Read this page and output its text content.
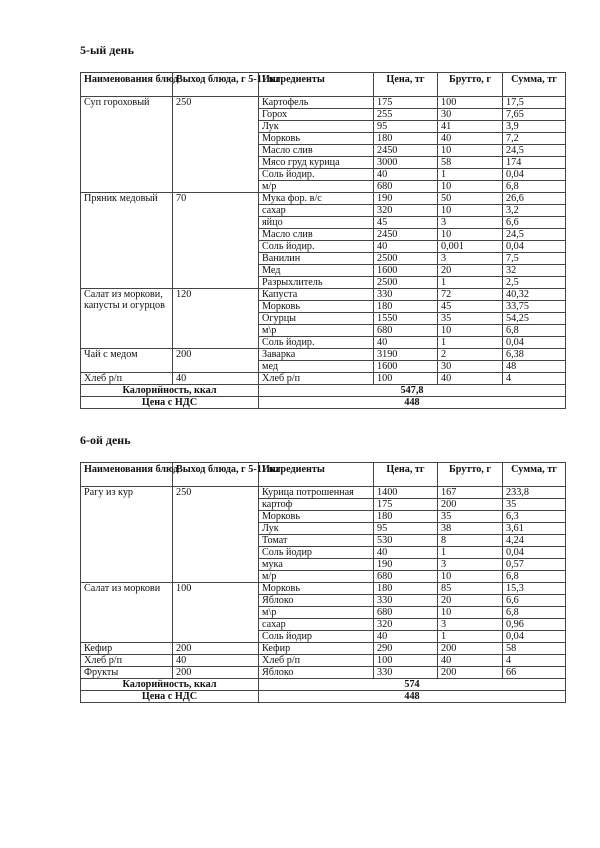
5-ый день
Наименования блюд	Выход блюда, г 5-11 кл	Ингредиенты	Цена, тг	Брутто, г	Сумма, тг
Суп гороховый	250	Картофель	175	100	17,5
		Горох	255	30	7,65
		Лук	95	41	3,9
		Морковь	180	40	7,2
		Масло слив	2450	10	24,5
		Мясо груд курица	3000	58	174
		Соль йодир.	40	1	0,04
		м/р	680	10	6,8
Пряник медовый	70	Мука фор. в/с	190	50	26,6
		сахар	320	10	3,2
		яйцо	45	3	6,6
		Масло слив	2450	10	24,5
		Соль йодир.	40	0,001	0,04
		Ванилин	2500	3	7,5
		Мед	1600	20	32
		Разрыхлитель	2500	1	2,5
Салат из моркови, капусты и огурцов	120	Капуста	330	72	40,32
		Морковь	180	45	33,75
		Огурцы	1550	35	54,25
		м\р	680	10	6,8
		Соль йодир.	40	1	0,04
Чай с медом	200	Заварка	3190	2	6,38
		мед	1600	30	48
Хлеб р/п	40	Хлеб р/п	100	40	4
Калорийность, ккал		547,8			
Цена с НДС		448			
6-ой день
Наименования блюд	Выход блюда, г 5-11 кл	Ингредиенты	Цена, тг	Брутто, г	Сумма, тг
Рагу из кур	250	Курица потрошенная	1400	167	233,8
		картоф	175	200	35
		Морковь	180	35	6,3
		Лук	95	38	3,61
		Томат	530	8	4,24
		Соль йодир	40	1	0,04
		мука	190	3	0,57
		м/р	680	10	6,8
Салат из моркови	100	Морковь	180	85	15,3
		Яблоко	330	20	6,6
		м\р	680	10	6,8
		сахар	320	3	0,96
		Соль йодир	40	1	0,04
Кефир	200	Кефир	290	200	58
Хлеб р/п	40	Хлеб р/п	100	40	4
Фрукты	200	Яблоко	330	200	66
Калорийность, ккал		574			
Цена с НДС		448			
